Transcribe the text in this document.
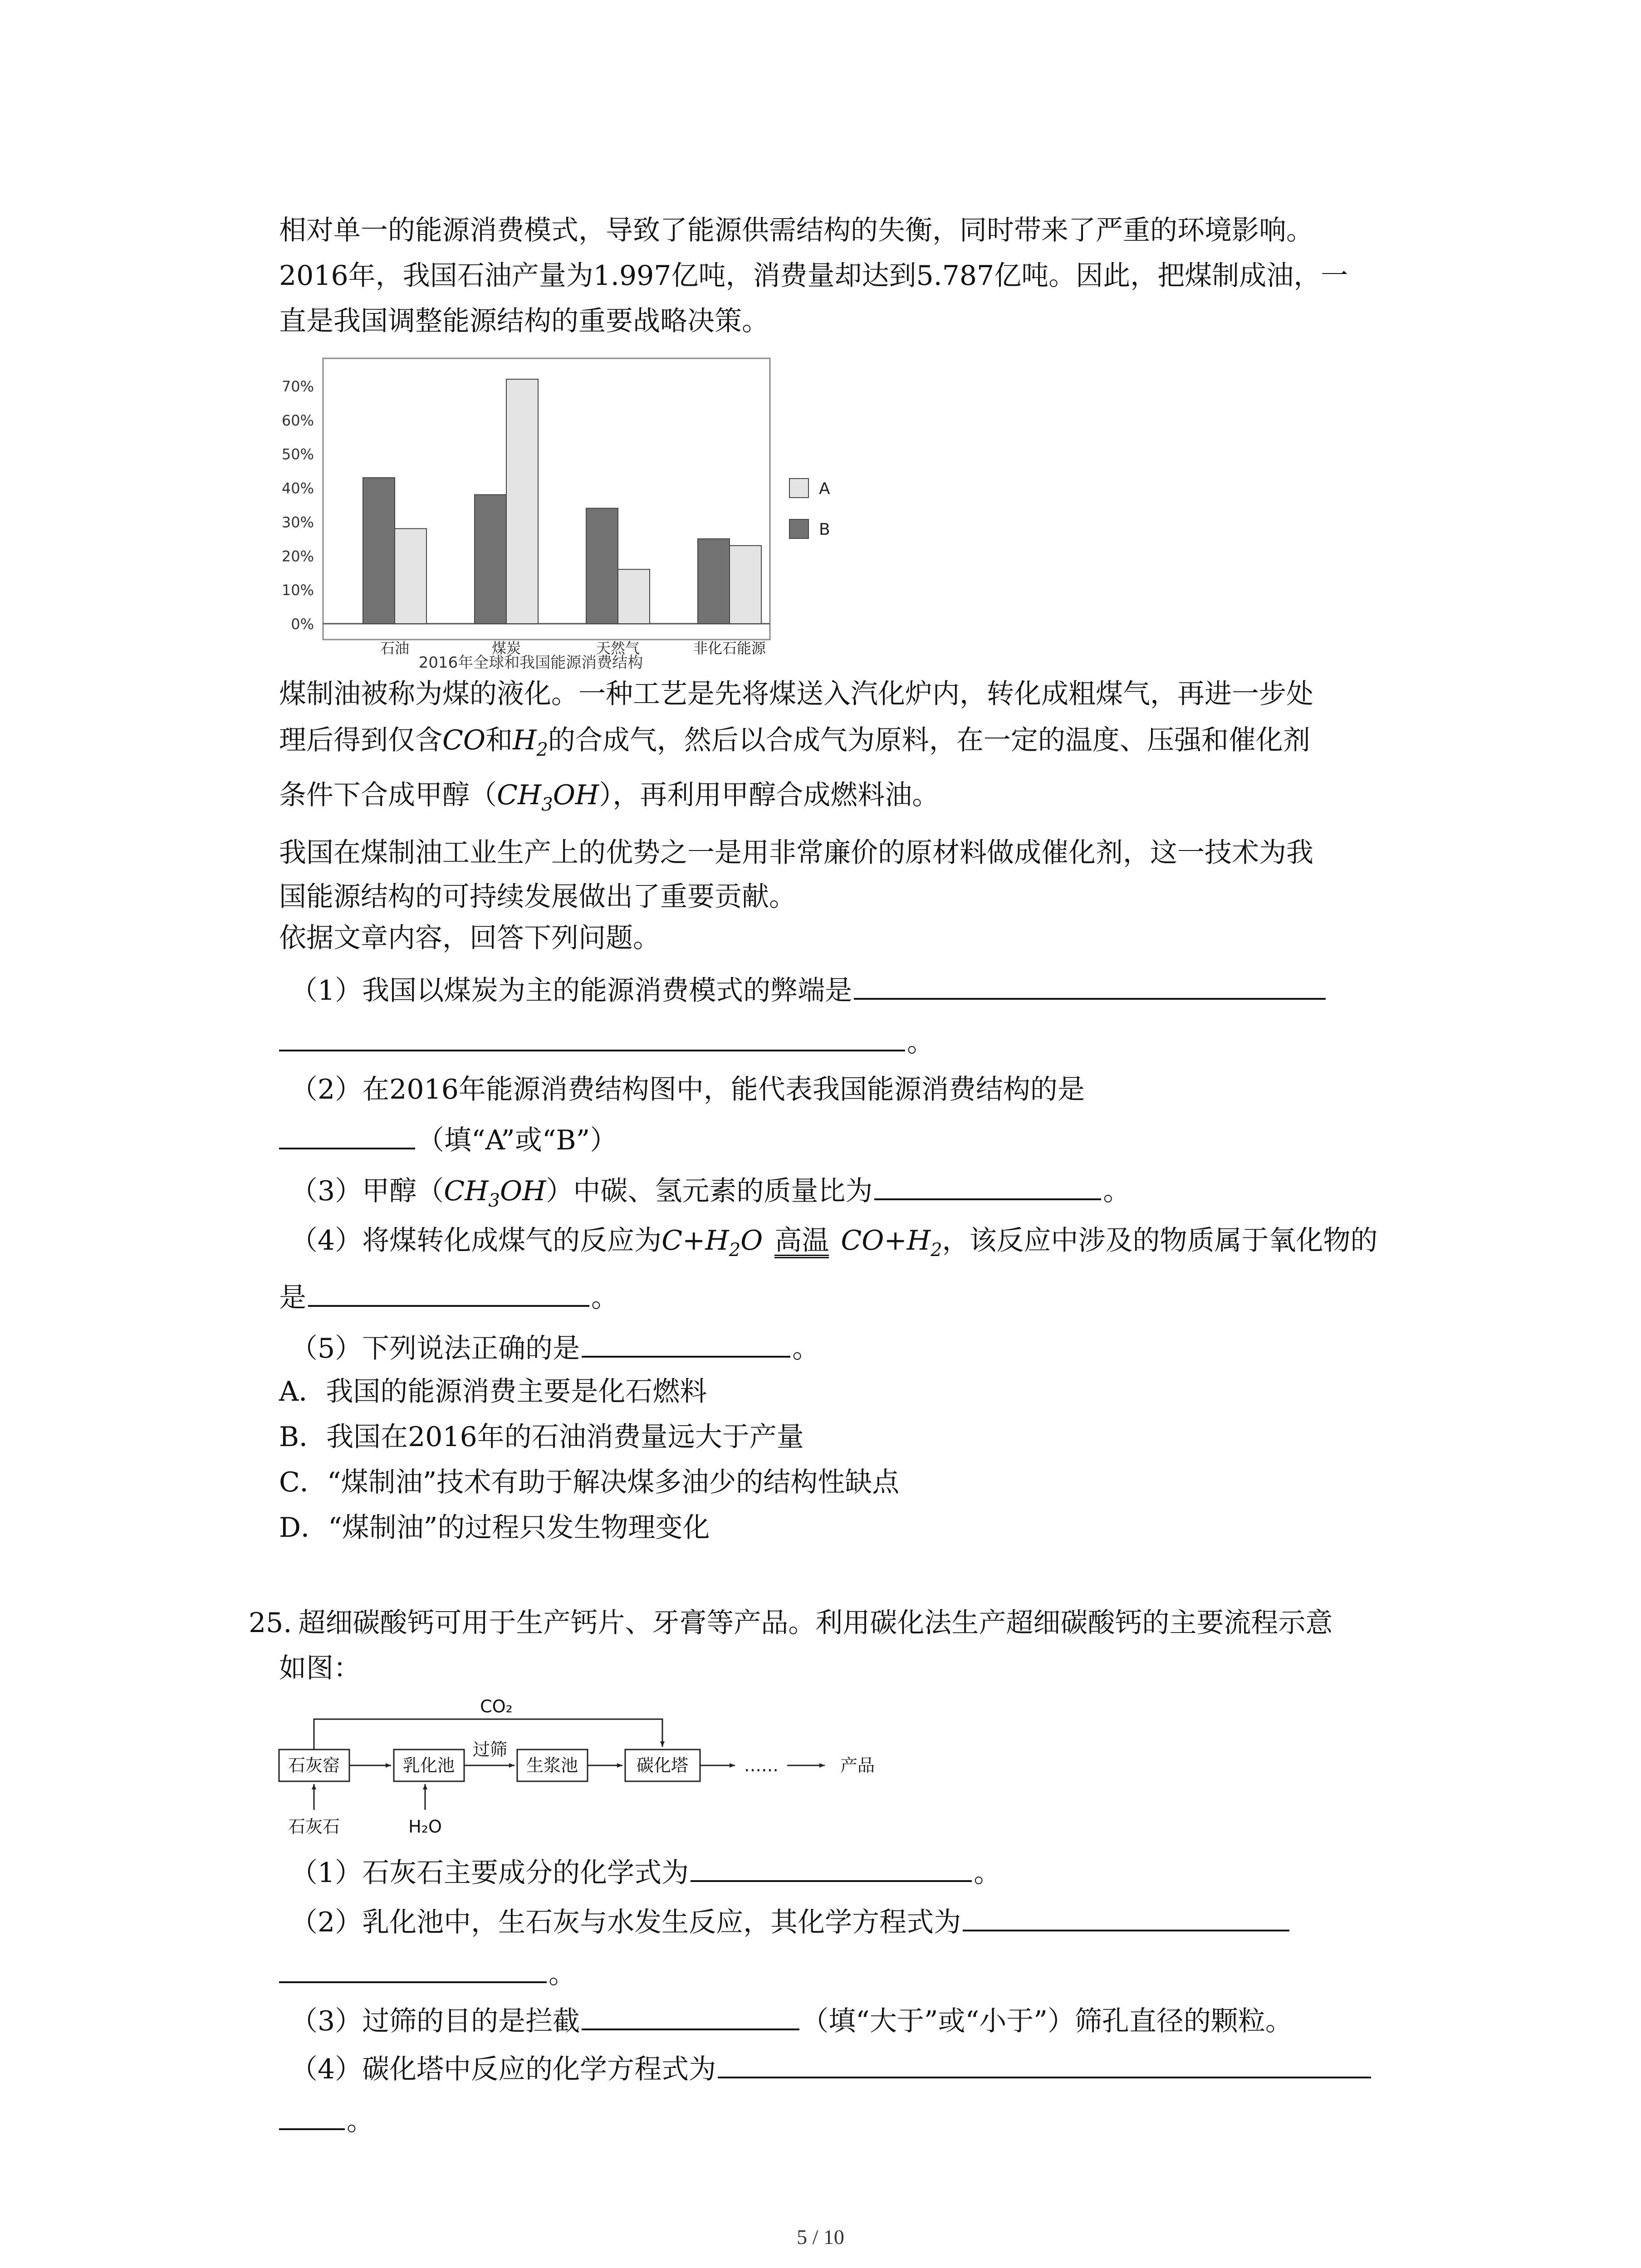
相对单一的能源消费模式，导致了能源供需结构的失衡，同时带来了严重的环境影响。
2016年，我国石油产量为1.997亿吨，消费量却达到5.787亿吨。因此，把煤制成油，一
直是我国调整能源结构的重要战略决策。
0%
10%
20%
30%
40%
50%
60%
70%
石油	煤炭	天然气	非化石能源
A
B
2016年全球和我国能源消费结构
煤制油被称为煤的液化。一种工艺是先将煤送入汽化炉内，转化成粗煤气，再进一步处
理后得到仅含CO和$H_2$的合成气，然后以合成气为原料，在一定的温度、压强和催化剂
条件下合成甲醇$(CH_3OH)$，再利用甲醇合成燃料油。
我国在煤制油工业生产上的优势之一是用非常廉价的原材料做成催化剂，这一技术为我
国能源结构的可持续发展做出了重要贡献。
依据文章内容，回答下列问题。
（1）我国以煤炭为主的能源消费模式的弊端是
。
（2）在2016年能源消费结构图中，能代表我国能源消费结构的是
（填“A”或“B”）
（3）甲醇$(CH_3OH)$中碳、氢元素的质量比为	。
（4）将煤转化成煤气的反应为$C+H_2O$ 高温 $CO+H_2$，该反应中涉及的物质属于氧化物的
是	。
（5）下列说法正确的是	。
A．我国的能源消费主要是化石燃料
B．我国在2016年的石油消费量远大于产量
C．“煤制油”技术有助于解决煤多油少的结构性缺点
D．“煤制油”的过程只发生物理变化
25. 超细碳酸钙可用于生产钙片、牙膏等产品。利用碳化法生产超细碳酸钙的主要流程示意
如图：
CO₂
石灰窑	乳化池
过筛
生浆池	碳化塔	……	产品
石灰石	H₂O
（1）石灰石主要成分的化学式为	。
（2）乳化池中，生石灰与水发生反应，其化学方程式为
。
（3）过筛的目的是拦截	（填“大于”或“小于”）筛孔直径的颗粒。
（4）碳化塔中反应的化学方程式为
。
5 / 10
